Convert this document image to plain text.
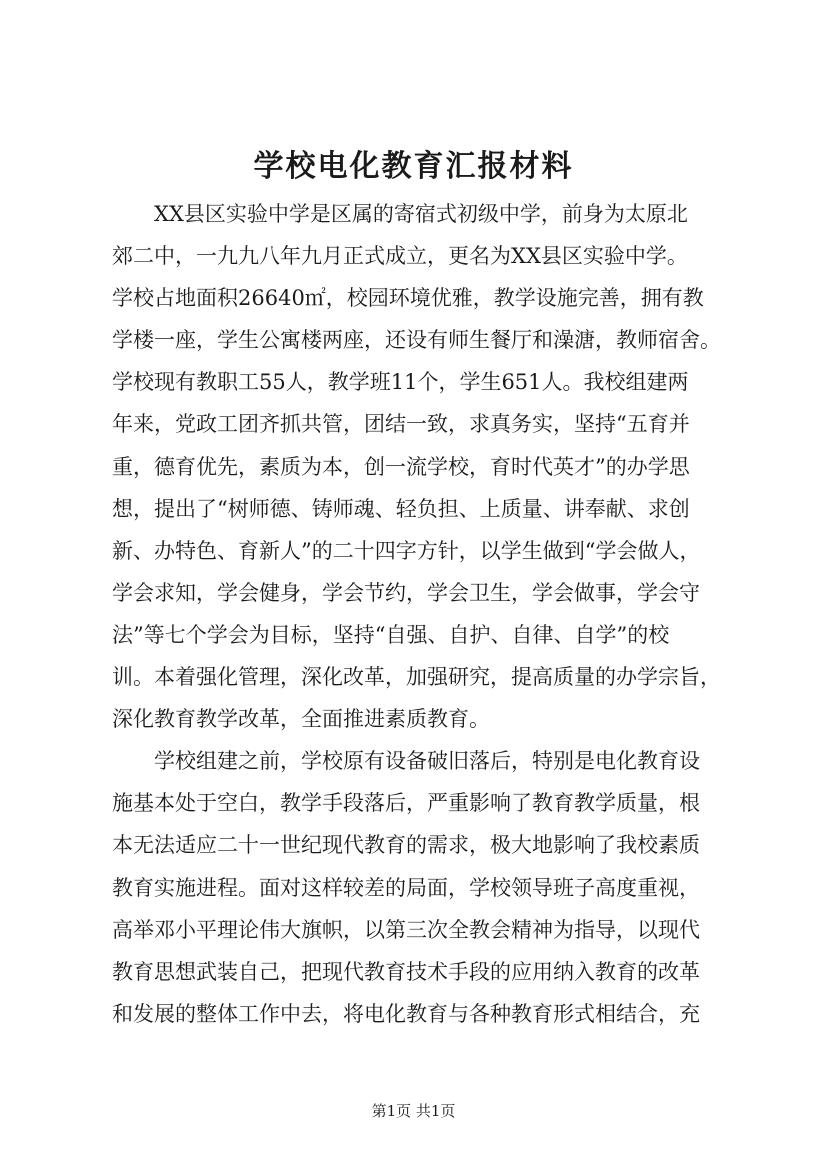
学校电化教育汇报材料
　　XX县区实验中学是区属的寄宿式初级中学，前身为太原北
郊二中，一九九八年九月正式成立，更名为XX县区实验中学。
学校占地面积26640㎡，校园环境优雅，教学设施完善，拥有教
学楼一座，学生公寓楼两座，还设有师生餐厅和澡溏，教师宿舍。
学校现有教职工55人，教学班11个，学生651人。我校组建两
年来，党政工团齐抓共管，团结一致，求真务实，坚持“五育并
重，德育优先，素质为本，创一流学校，育时代英才”的办学思
想，提出了“树师德、铸师魂、轻负担、上质量、讲奉献、求创
新、办特色、育新人”的二十四字方针，以学生做到“学会做人，
学会求知，学会健身，学会节约，学会卫生，学会做事，学会守
法”等七个学会为目标，坚持“自强、自护、自律、自学”的校
训。本着强化管理，深化改革，加强研究，提高质量的办学宗旨，
深化教育教学改革，全面推进素质教育。
　　学校组建之前，学校原有设备破旧落后，特别是电化教育设
施基本处于空白，教学手段落后，严重影响了教育教学质量，根
本无法适应二十一世纪现代教育的需求，极大地影响了我校素质
教育实施进程。面对这样较差的局面，学校领导班子高度重视，
高举邓小平理论伟大旗帜，以第三次全教会精神为指导，以现代
教育思想武装自己，把现代教育技术手段的应用纳入教育的改革
和发展的整体工作中去，将电化教育与各种教育形式相结合，充
第1页 共1页
